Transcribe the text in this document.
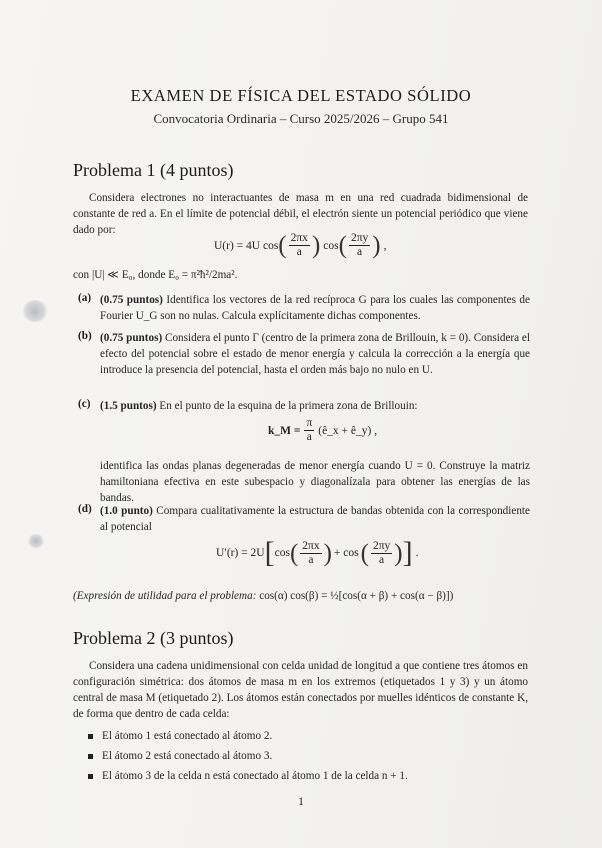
EXAMEN DE FÍSICA DEL ESTADO SÓLIDO
Convocatoria Ordinaria – Curso 2025/2026 – Grupo 541
Problema 1 (4 puntos)
Considera electrones no interactuantes de masa m en una red cuadrada bidimensional de constante de red a. En el límite de potencial débil, el electrón siente un potencial periódico que viene dado por:
U(r) = 4U cos ( $\frac{2\pi x}{a}$ ) cos ( $\frac{2\pi y}{a}$ ) ,
con |U| ≪ E₀, donde E₀ = π²ħ²/2ma².
(a) (0.75 puntos) Identifica los vectores de la red recíproca G para los cuales las componentes de Fourier U_G son no nulas. Calcula explícitamente dichas componentes.
(b) (0.75 puntos) Considera el punto Γ (centro de la primera zona de Brillouin, k = 0). Considera el efecto del potencial sobre el estado de menor energía y calcula la corrección a la energía que introduce la presencia del potencial, hasta el orden más bajo no nulo en U.
(c) (1.5 puntos) En el punto de la esquina de la primera zona de Brillouin:
k_M = $\frac{\pi}{a}$ (ê_x + ê_y) ,
identifica las ondas planas degeneradas de menor energía cuando U = 0. Construye la matriz hamiltoniana efectiva en este subespacio y diagonalízala para obtener las energías de las bandas.
(d) (1.0 punto) Compara cualitativamente la estructura de bandas obtenida con la correspondiente al potencial
U′(r) = 2U [ cos ( $\frac{2\pi x}{a}$ ) + cos ( $\frac{2\pi y}{a}$ ) ] .
(Expresión de utilidad para el problema: cos(α) cos(β) = ½[cos(α + β) + cos(α − β)])
Problema 2 (3 puntos)
Considera una cadena unidimensional con celda unidad de longitud a que contiene tres átomos en configuración simétrica: dos átomos de masa m en los extremos (etiquetados 1 y 3) y un átomo central de masa M (etiquetado 2). Los átomos están conectados por muelles idénticos de constante K, de forma que dentro de cada celda:
El átomo 1 está conectado al átomo 2.
El átomo 2 está conectado al átomo 3.
El átomo 3 de la celda n está conectado al átomo 1 de la celda n + 1.
1
